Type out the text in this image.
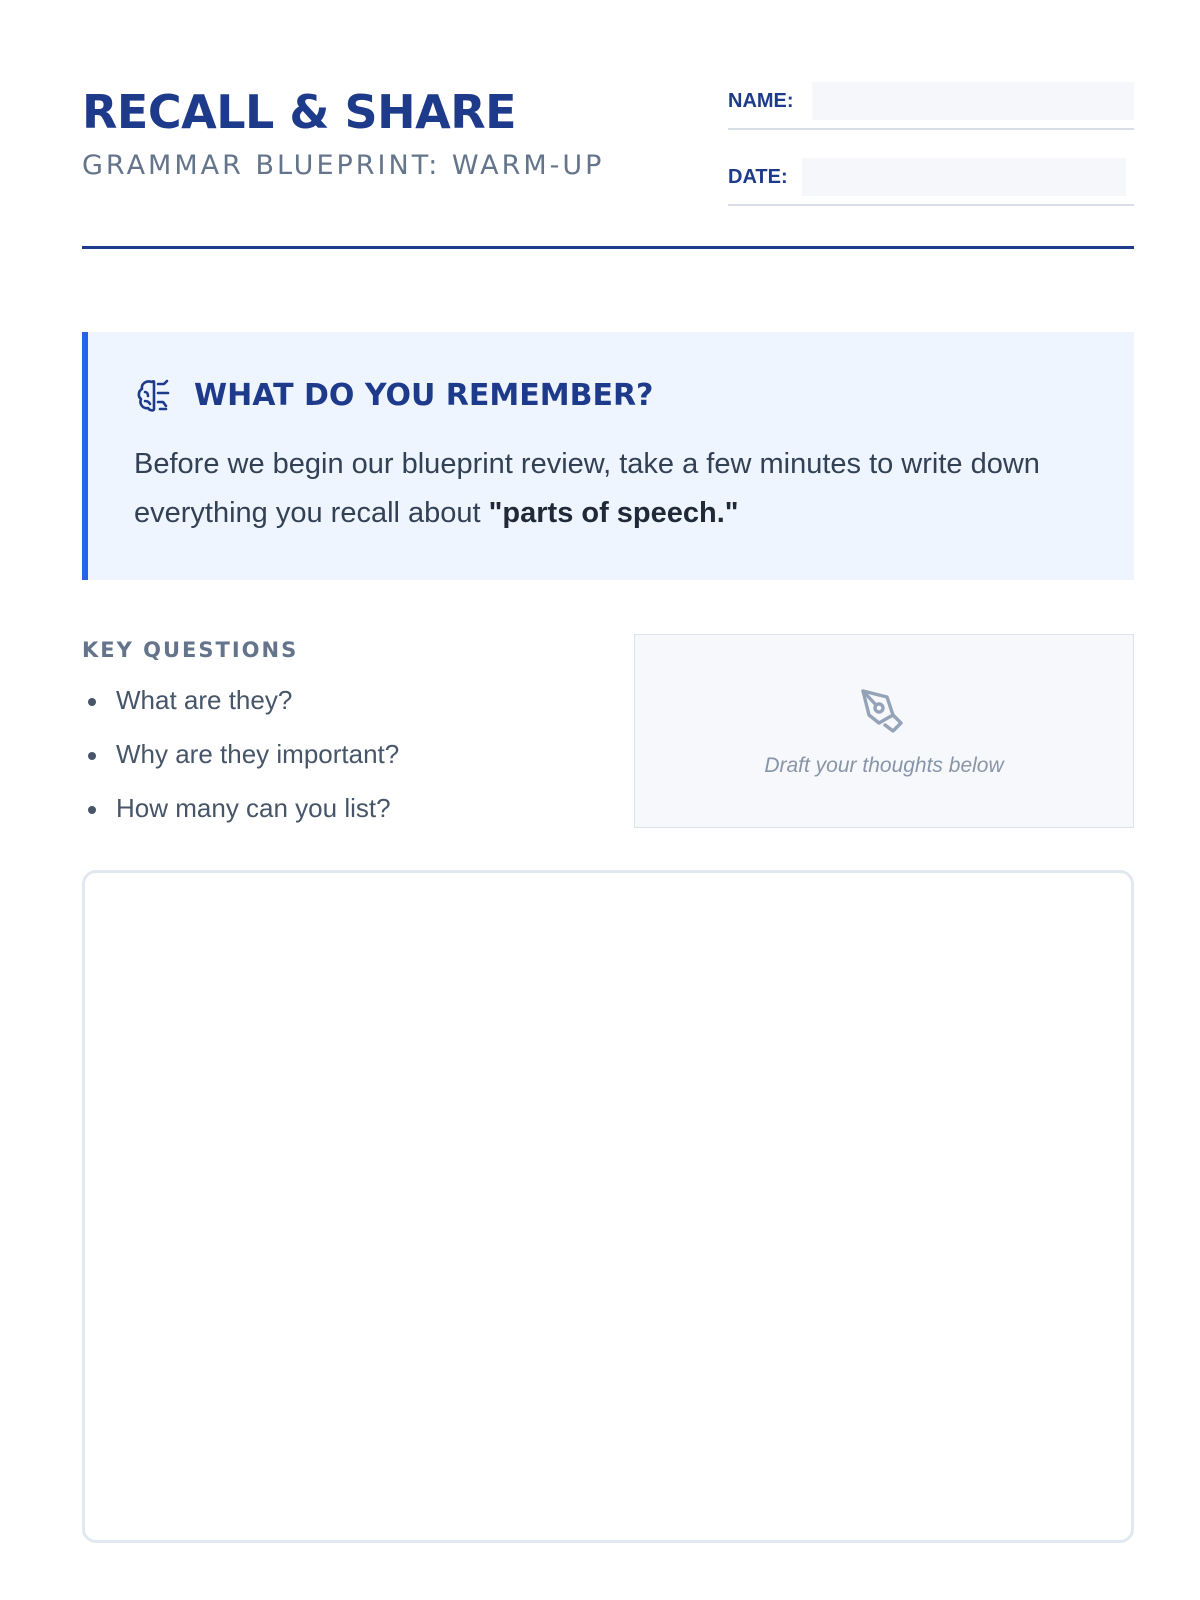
RECALL & SHARE
GRAMMAR BLUEPRINT: WARM-UP
NAME:
DATE:
WHAT DO YOU REMEMBER?
Before we begin our blueprint review, take a few minutes to write down everything you recall about "parts of speech."
KEY QUESTIONS
What are they?
Why are they important?
How many can you list?
Draft your thoughts below
